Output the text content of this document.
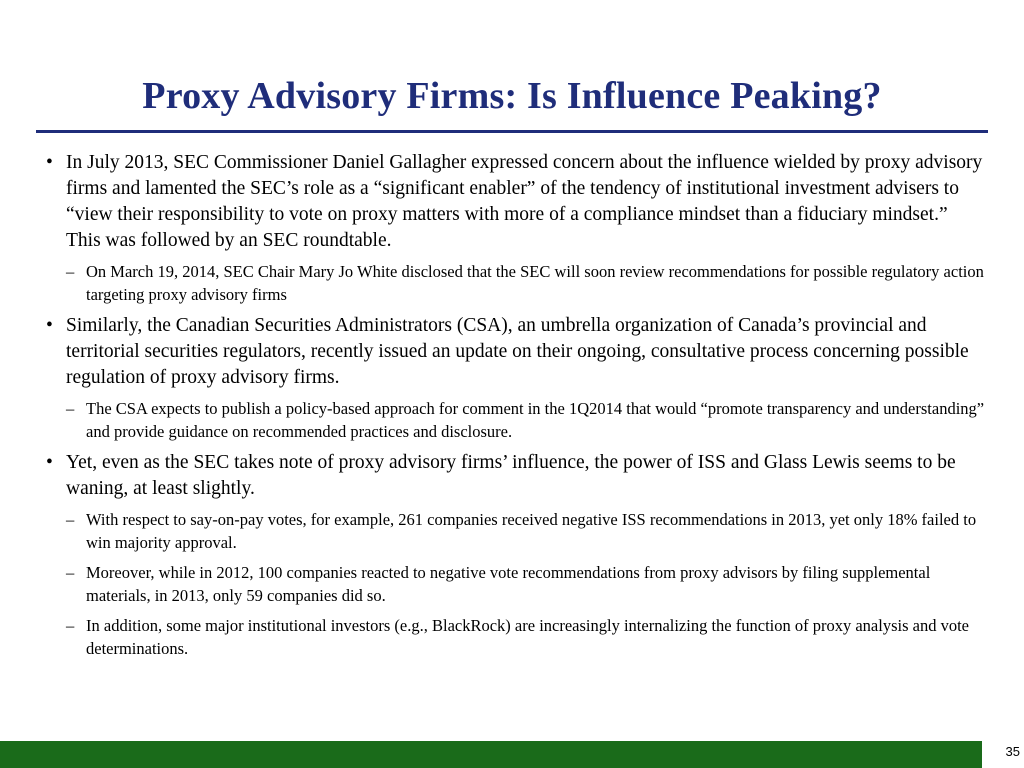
Proxy Advisory Firms: Is Influence Peaking?
• In July 2013, SEC Commissioner Daniel Gallagher expressed concern about the influence wielded by proxy advisory firms and lamented the SEC’s role as a “significant enabler” of the tendency of institutional investment advisers to “view their responsibility to vote on proxy matters with more of a compliance mindset than a fiduciary mindset.” This was followed by an SEC roundtable.
– On March 19, 2014, SEC Chair Mary Jo White disclosed that the SEC will soon review recommendations for possible regulatory action targeting proxy advisory firms
• Similarly, the Canadian Securities Administrators (CSA), an umbrella organization of Canada’s provincial and territorial securities regulators, recently issued an update on their ongoing, consultative process concerning possible regulation of proxy advisory firms.
– The CSA expects to publish a policy-based approach for comment in the 1Q2014 that would “promote transparency and understanding” and provide guidance on recommended practices and disclosure.
• Yet, even as the SEC takes note of proxy advisory firms’ influence, the power of ISS and Glass Lewis seems to be waning, at least slightly.
– With respect to say-on-pay votes, for example, 261 companies received negative ISS recommendations in 2013, yet only 18% failed to win majority approval.
– Moreover, while in 2012, 100 companies reacted to negative vote recommendations from proxy advisors by filing supplemental materials, in 2013, only 59 companies did so.
– In addition, some major institutional investors (e.g., BlackRock) are increasingly internalizing the function of proxy analysis and vote determinations.
35
